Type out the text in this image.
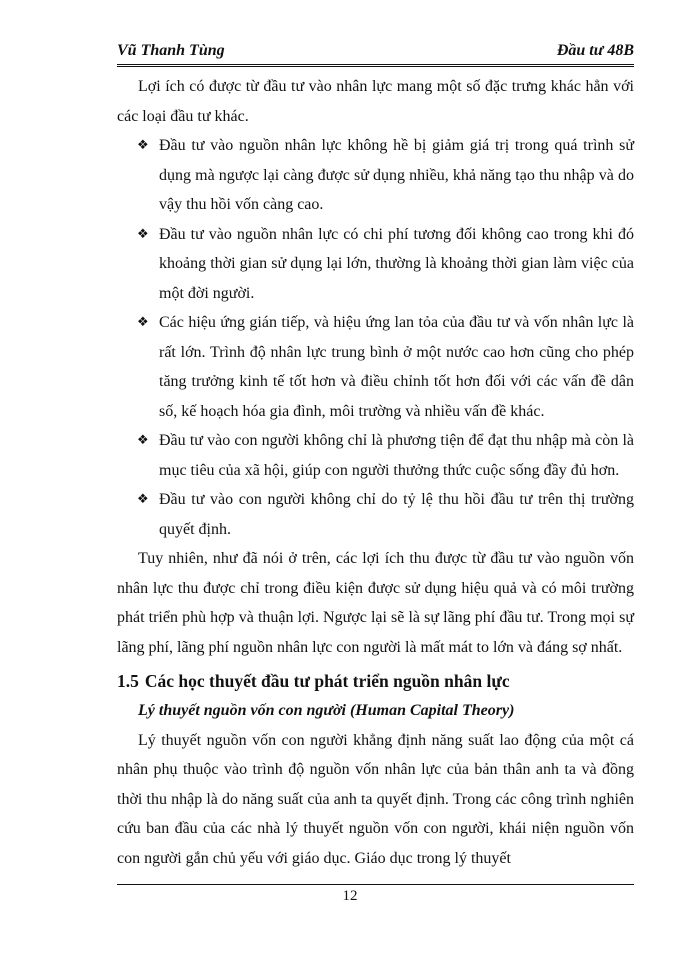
Vũ Thanh Tùng	Đầu tư 48B

Lợi ích có được từ đầu tư vào nhân lực mang một số đặc trưng khác hẳn với các loại đầu tư khác.

❖ Đầu tư vào nguồn nhân lực không hề bị giảm giá trị trong quá trình sử dụng mà ngược lại càng được sử dụng nhiều, khả năng tạo thu nhập và do vậy thu hồi vốn càng cao.
❖ Đầu tư vào nguồn nhân lực có chi phí tương đối không cao trong khi đó khoảng thời gian sử dụng lại lớn, thường là khoảng thời gian làm việc của một đời người.
❖ Các hiệu ứng gián tiếp, và hiệu ứng lan tỏa của đầu tư và vốn nhân lực là rất lớn. Trình độ nhân lực trung bình ở một nước cao hơn cũng cho phép tăng trưởng kinh tế tốt hơn và điều chỉnh tốt hơn đối với các vấn đề dân số, kế hoạch hóa gia đình, môi trường và nhiều vấn đề khác.
❖ Đầu tư vào con người không chỉ là phương tiện để đạt thu nhập mà còn là mục tiêu của xã hội, giúp con người thưởng thức cuộc sống đầy đủ hơn.
❖ Đầu tư vào con người không chỉ do tỷ lệ thu hồi đầu tư trên thị trường quyết định.

Tuy nhiên, như đã nói ở trên, các lợi ích thu được từ đầu tư vào nguồn vốn nhân lực thu được chỉ trong điều kiện được sử dụng hiệu quả và có môi trường phát triển phù hợp và thuận lợi. Ngược lại sẽ là sự lãng phí đầu tư. Trong mọi sự lãng phí, lãng phí nguồn nhân lực con người là mất mát to lớn và đáng sợ nhất.

1.5 Các học thuyết đầu tư phát triển nguồn nhân lực
Lý thuyết nguồn vốn con người (Human Capital Theory)

Lý thuyết nguồn vốn con người khẳng định năng suất lao động của một cá nhân phụ thuộc vào trình độ nguồn vốn nhân lực của bản thân anh ta và đồng thời thu nhập là do năng suất của anh ta quyết định. Trong các công trình nghiên cứu ban đầu của các nhà lý thuyết nguồn vốn con người, khái niện nguồn vốn con người gắn chủ yếu với giáo dục. Giáo dục trong lý thuyết

12
